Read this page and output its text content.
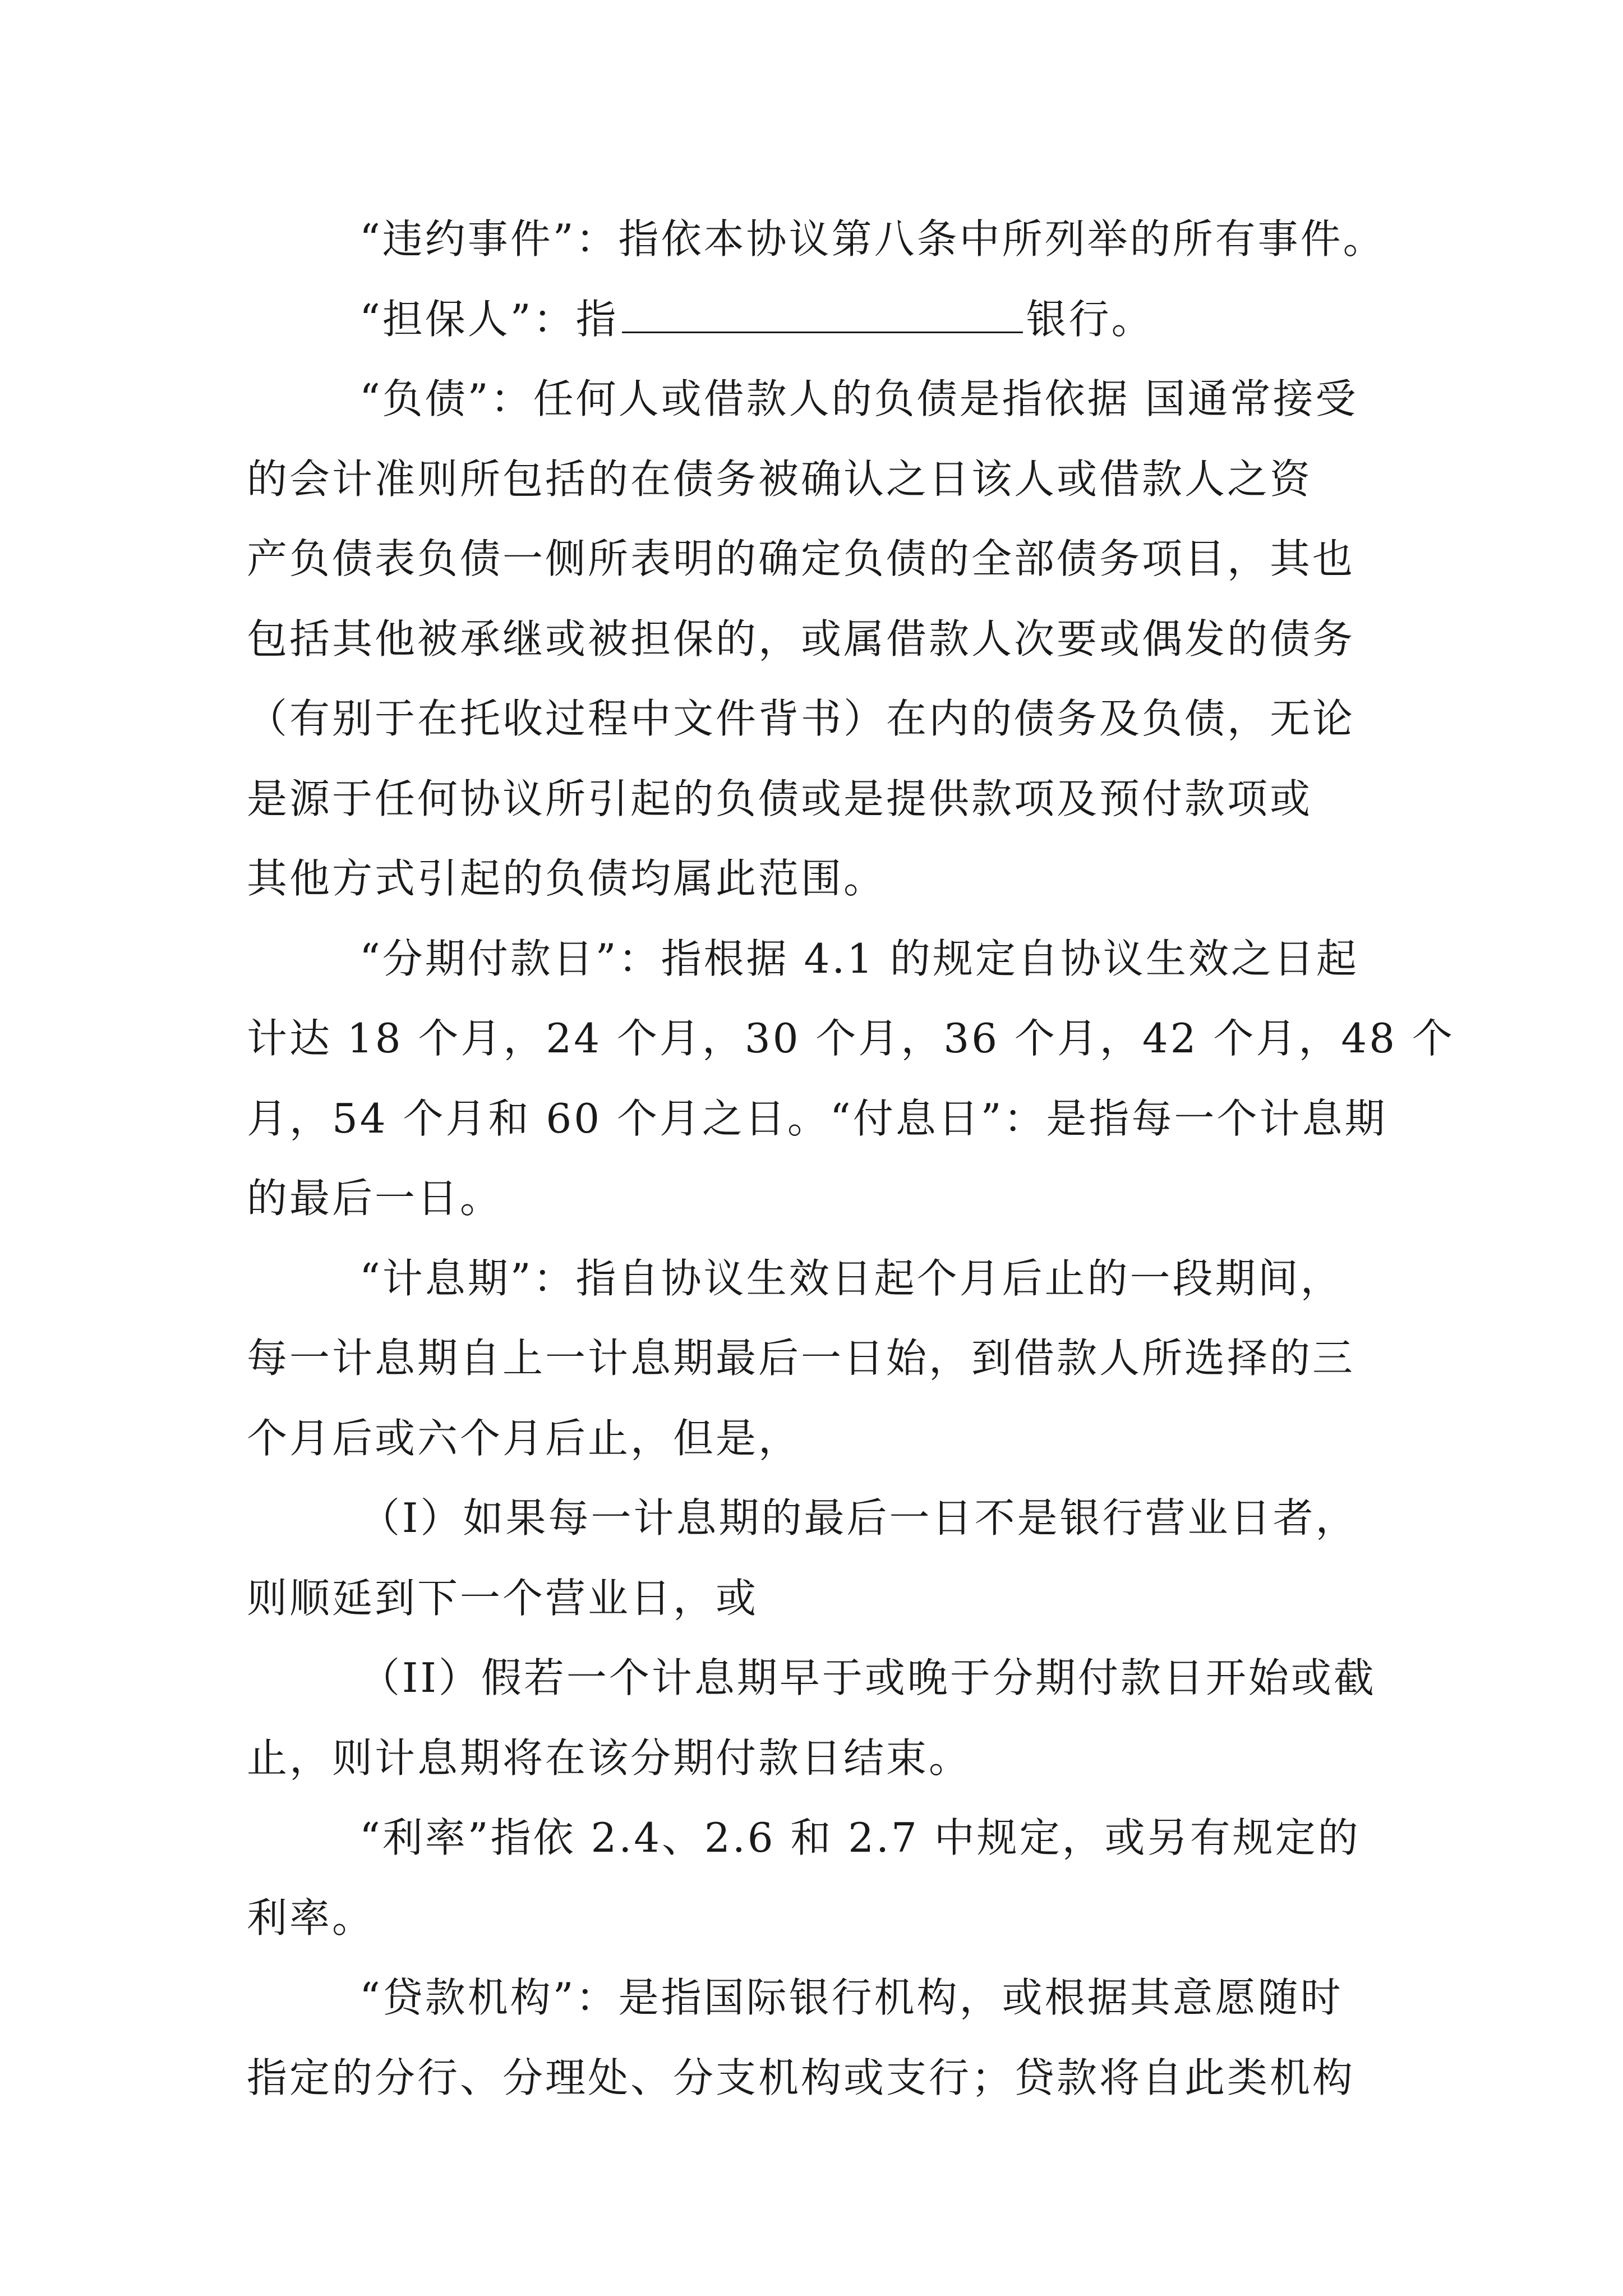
“违约事件”：指依本协议第八条中所列举的所有事件。
“担保人”：指	银行。
“负债”：任何人或借款人的负债是指依据 国通常接受
的会计准则所包括的在债务被确认之日该人或借款人之资
产负债表负债一侧所表明的确定负债的全部债务项目，其也
包括其他被承继或被担保的，或属借款人次要或偶发的债务
（有别于在托收过程中文件背书）在内的债务及负债，无论
是源于任何协议所引起的负债或是提供款项及预付款项或
其他方式引起的负债均属此范围。
“分期付款日”：指根据 4.1 的规定自协议生效之日起
计达 18 个月，24 个月，30 个月，36 个月，42 个月，48 个
月，54 个月和 60 个月之日。“付息日”：是指每一个计息期
的最后一日。
“计息期”：指自协议生效日起个月后止的一段期间，
每一计息期自上一计息期最后一日始，到借款人所选择的三
个月后或六个月后止，但是，
（I）如果每一计息期的最后一日不是银行营业日者，
则顺延到下一个营业日，或
（II）假若一个计息期早于或晚于分期付款日开始或截
止，则计息期将在该分期付款日结束。
“利率”指依 2.4、2.6 和 2.7 中规定，或另有规定的
利率。
“贷款机构”：是指国际银行机构，或根据其意愿随时
指定的分行、分理处、分支机构或支行；贷款将自此类机构
